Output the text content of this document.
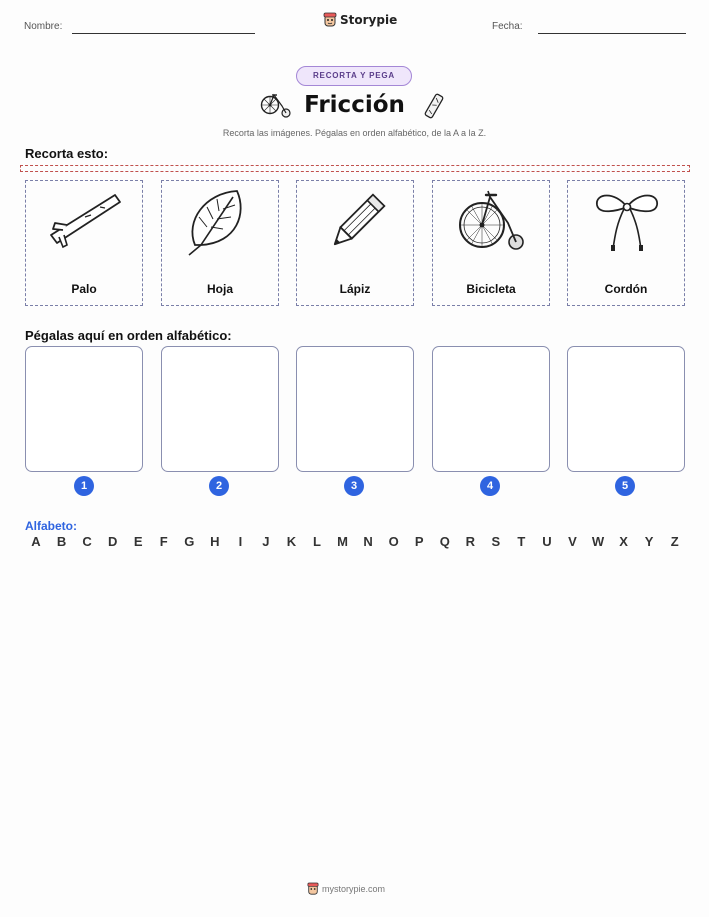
Nombre:	Storypie	Fecha:
RECORTA Y PEGA
Fricción
Recorta las imágenes. Pégalas en orden alfabético, de la A a la Z.
Recorta esto:
Palo	Hoja	Lápiz	Bicicleta	Cordón
Pégalas aquí en orden alfabético:
1	2	3	4	5
Alfabeto:
A	B	C	D	E	F	G	H	I	J	K	L	M	N	O	P	Q	R	S	T	U	V	W	X	Y	Z
mystorypie.com
